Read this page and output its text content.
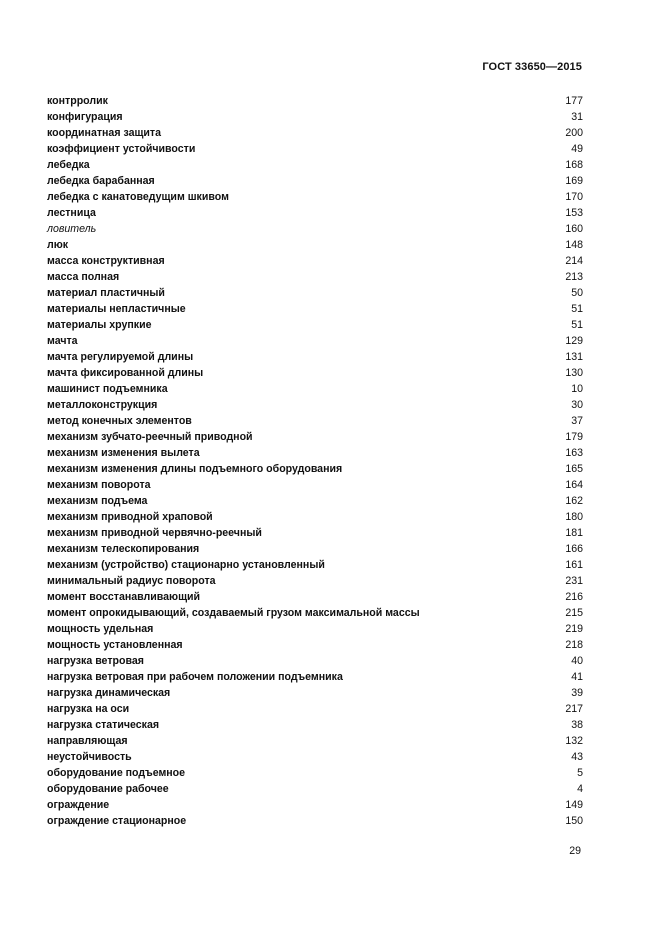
ГОСТ 33650—2015
контрролик	177
конфигурация	31
координатная защита	200
коэффициент устойчивости	49
лебедка	168
лебедка барабанная	169
лебедка с канатоведущим шкивом	170
лестница	153
ловитель	160
люк	148
масса конструктивная	214
масса полная	213
материал пластичный	50
материалы непластичные	51
материалы хрупкие	51
мачта	129
мачта регулируемой длины	131
мачта фиксированной длины	130
машинист подъемника	10
металлоконструкция	30
метод конечных элементов	37
механизм зубчато-реечный приводной	179
механизм изменения вылета	163
механизм изменения длины подъемного оборудования	165
механизм поворота	164
механизм подъема	162
механизм приводной храповой	180
механизм приводной червячно-реечный	181
механизм телескопирования	166
механизм (устройство) стационарно установленный	161
минимальный радиус поворота	231
момент восстанавливающий	216
момент опрокидывающий, создаваемый грузом максимальной массы	215
мощность удельная	219
мощность установленная	218
нагрузка ветровая	40
нагрузка ветровая при рабочем положении подъемника	41
нагрузка динамическая	39
нагрузка на оси	217
нагрузка статическая	38
направляющая	132
неустойчивость	43
оборудование подъемное	5
оборудование рабочее	4
ограждение	149
ограждение стационарное	150
29
